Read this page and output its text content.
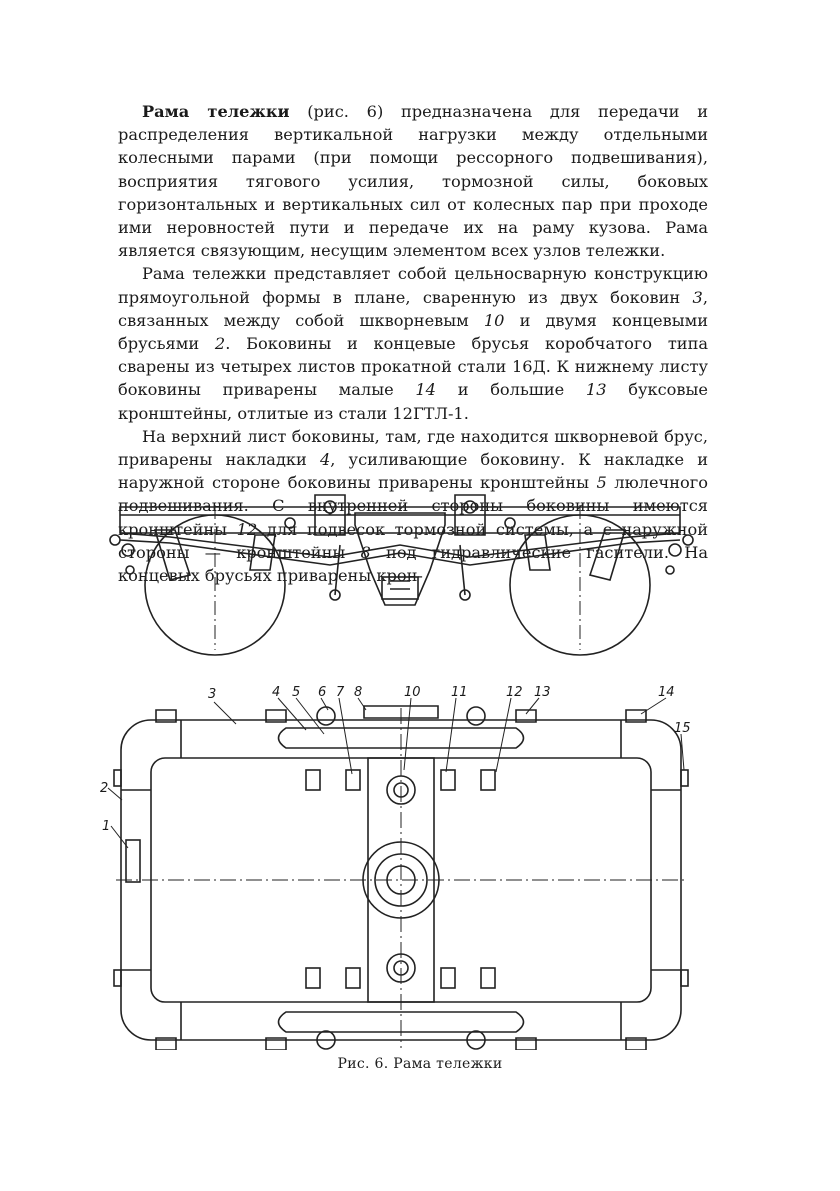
Рама тележки (рис. 6) предназначена для передачи и распределения вертикальной нагрузки между отдельными колесными парами (при помощи рессорного подвешивания), восприятия тягового усилия, тормозной силы, боковых горизонтальных и вертикальных сил от колесных пар при проходе ими неровностей пути и передаче их на раму кузова. Рама является связующим, несущим элементом всех узлов тележки.

Рама тележки представляет собой цельносварную конструкцию прямоугольной формы в плане, сваренную из двух боковин 3, связанных между собой шкворневым 10 и двумя концевыми брусьями 2. Боковины и концевые брусья коробчатого типа сварены из четырех листов прокатной стали 16Д. К нижнему листу боковины приварены малые 14 и большие 13 буксовые кронштейны, отлитые из стали 12ГТЛ-1.

На верхний лист боковины, там, где находится шкворневой брус, приварены накладки 4, усиливающие боковину. К накладке и наружной стороне боковины приварены кронштейны 5 люлечного подвешивания. С внутренней стороны боковины имеются кронштейны 12 для подвесок тормозной системы, а с наружной стороны — кронштейны 8 под гидравлические гасители. На концевых брусьях приварены крон-

3	4 5 6 7 8	10 11	12 13	14
15
2
1
Рис. 6. Рама тележки
